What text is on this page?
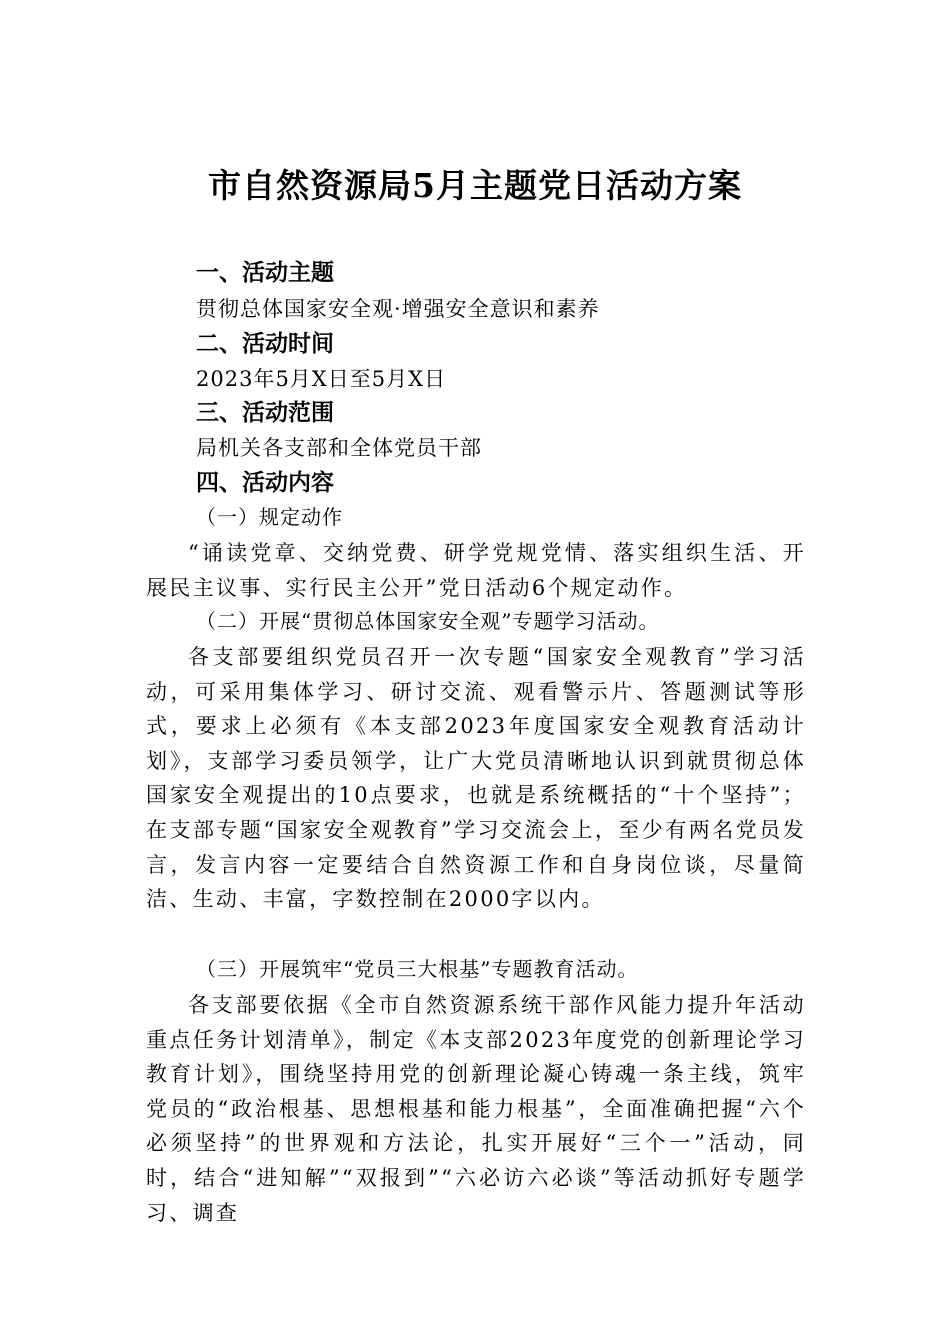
市自然资源局5月主题党日活动方案
一、活动主题
贯彻总体国家安全观·增强安全意识和素养
二、活动时间
2023年5月X日至5月X日
三、活动范围
局机关各支部和全体党员干部
四、活动内容
（一）规定动作

“诵读党章、交纳党费、研学党规党情、落实组织生活、开展民主议事、实行民主公开”党日活动6个规定动作。

（二）开展“贯彻总体国家安全观”专题学习活动。

各支部要组织党员召开一次专题“国家安全观教育”学习活动，可采用集体学习、研讨交流、观看警示片、答题测试等形式，要求上必须有《本支部2023年度国家安全观教育活动计划》，支部学习委员领学，让广大党员清晰地认识到就贯彻总体国家安全观提出的10点要求，也就是系统概括的“十个坚持”；在支部专题“国家安全观教育”学习交流会上，至少有两名党员发言，发言内容一定要结合自然资源工作和自身岗位谈，尽量简洁、生动、丰富，字数控制在2000字以内。

（三）开展筑牢“党员三大根基”专题教育活动。

各支部要依据《全市自然资源系统干部作风能力提升年活动重点任务计划清单》，制定《本支部2023年度党的创新理论学习教育计划》，围绕坚持用党的创新理论凝心铸魂一条主线，筑牢党员的“政治根基、思想根基和能力根基”，全面准确把握“六个必须坚持”的世界观和方法论，扎实开展好“三个一”活动，同时，结合“进知解”“双报到”“六必访六必谈”等活动抓好专题学习、调查
